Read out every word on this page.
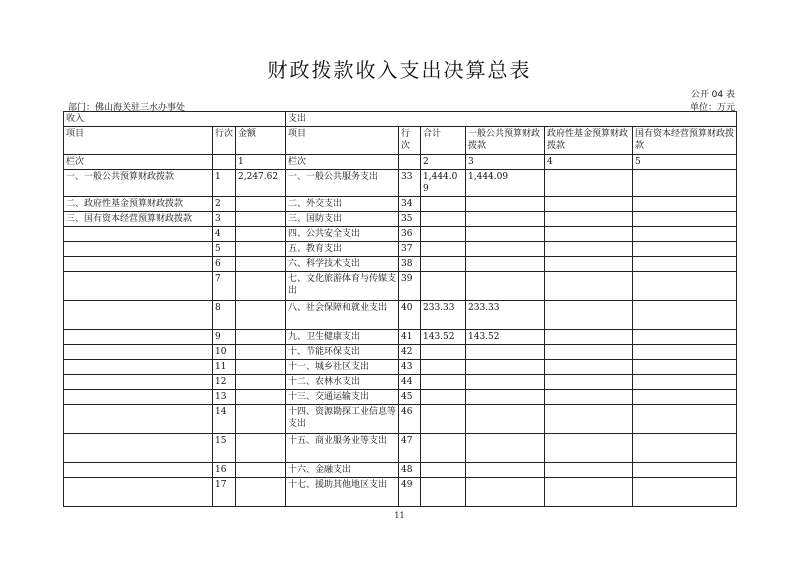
财政拨款收入支出决算总表
公开 04 表
部门：佛山海关驻三水办事处	单位：万元
收入			支出					
项目	行次	金额	项目	行次	合计	一般公共预算财政拨款	政府性基金预算财政拨款	国有资本经营预算财政拨款
栏次		1	栏次		2	3	4	5
一、一般公共预算财政拨款	1	2,247.62	一、一般公共服务支出	33	1,444.09	1,444.09		
二、政府性基金预算财政拨款	2		二、外交支出	34				
三、国有资本经营预算财政拨款	3		三、国防支出	35				
	4		四、公共安全支出	36				
	5		五、教育支出	37				
	6		六、科学技术支出	38				
	7		七、文化旅游体育与传媒支出	39				
	8		八、社会保障和就业支出	40	233.33	233.33		
	9		九、卫生健康支出	41	143.52	143.52		
	10		十、节能环保支出	42				
	11		十一、城乡社区支出	43				
	12		十二、农林水支出	44				
	13		十三、交通运输支出	45				
	14		十四、资源勘探工业信息等支出	46				
	15		十五、商业服务业等支出	47				
	16		十六、金融支出	48				
	17		十七、援助其他地区支出	49				
11
